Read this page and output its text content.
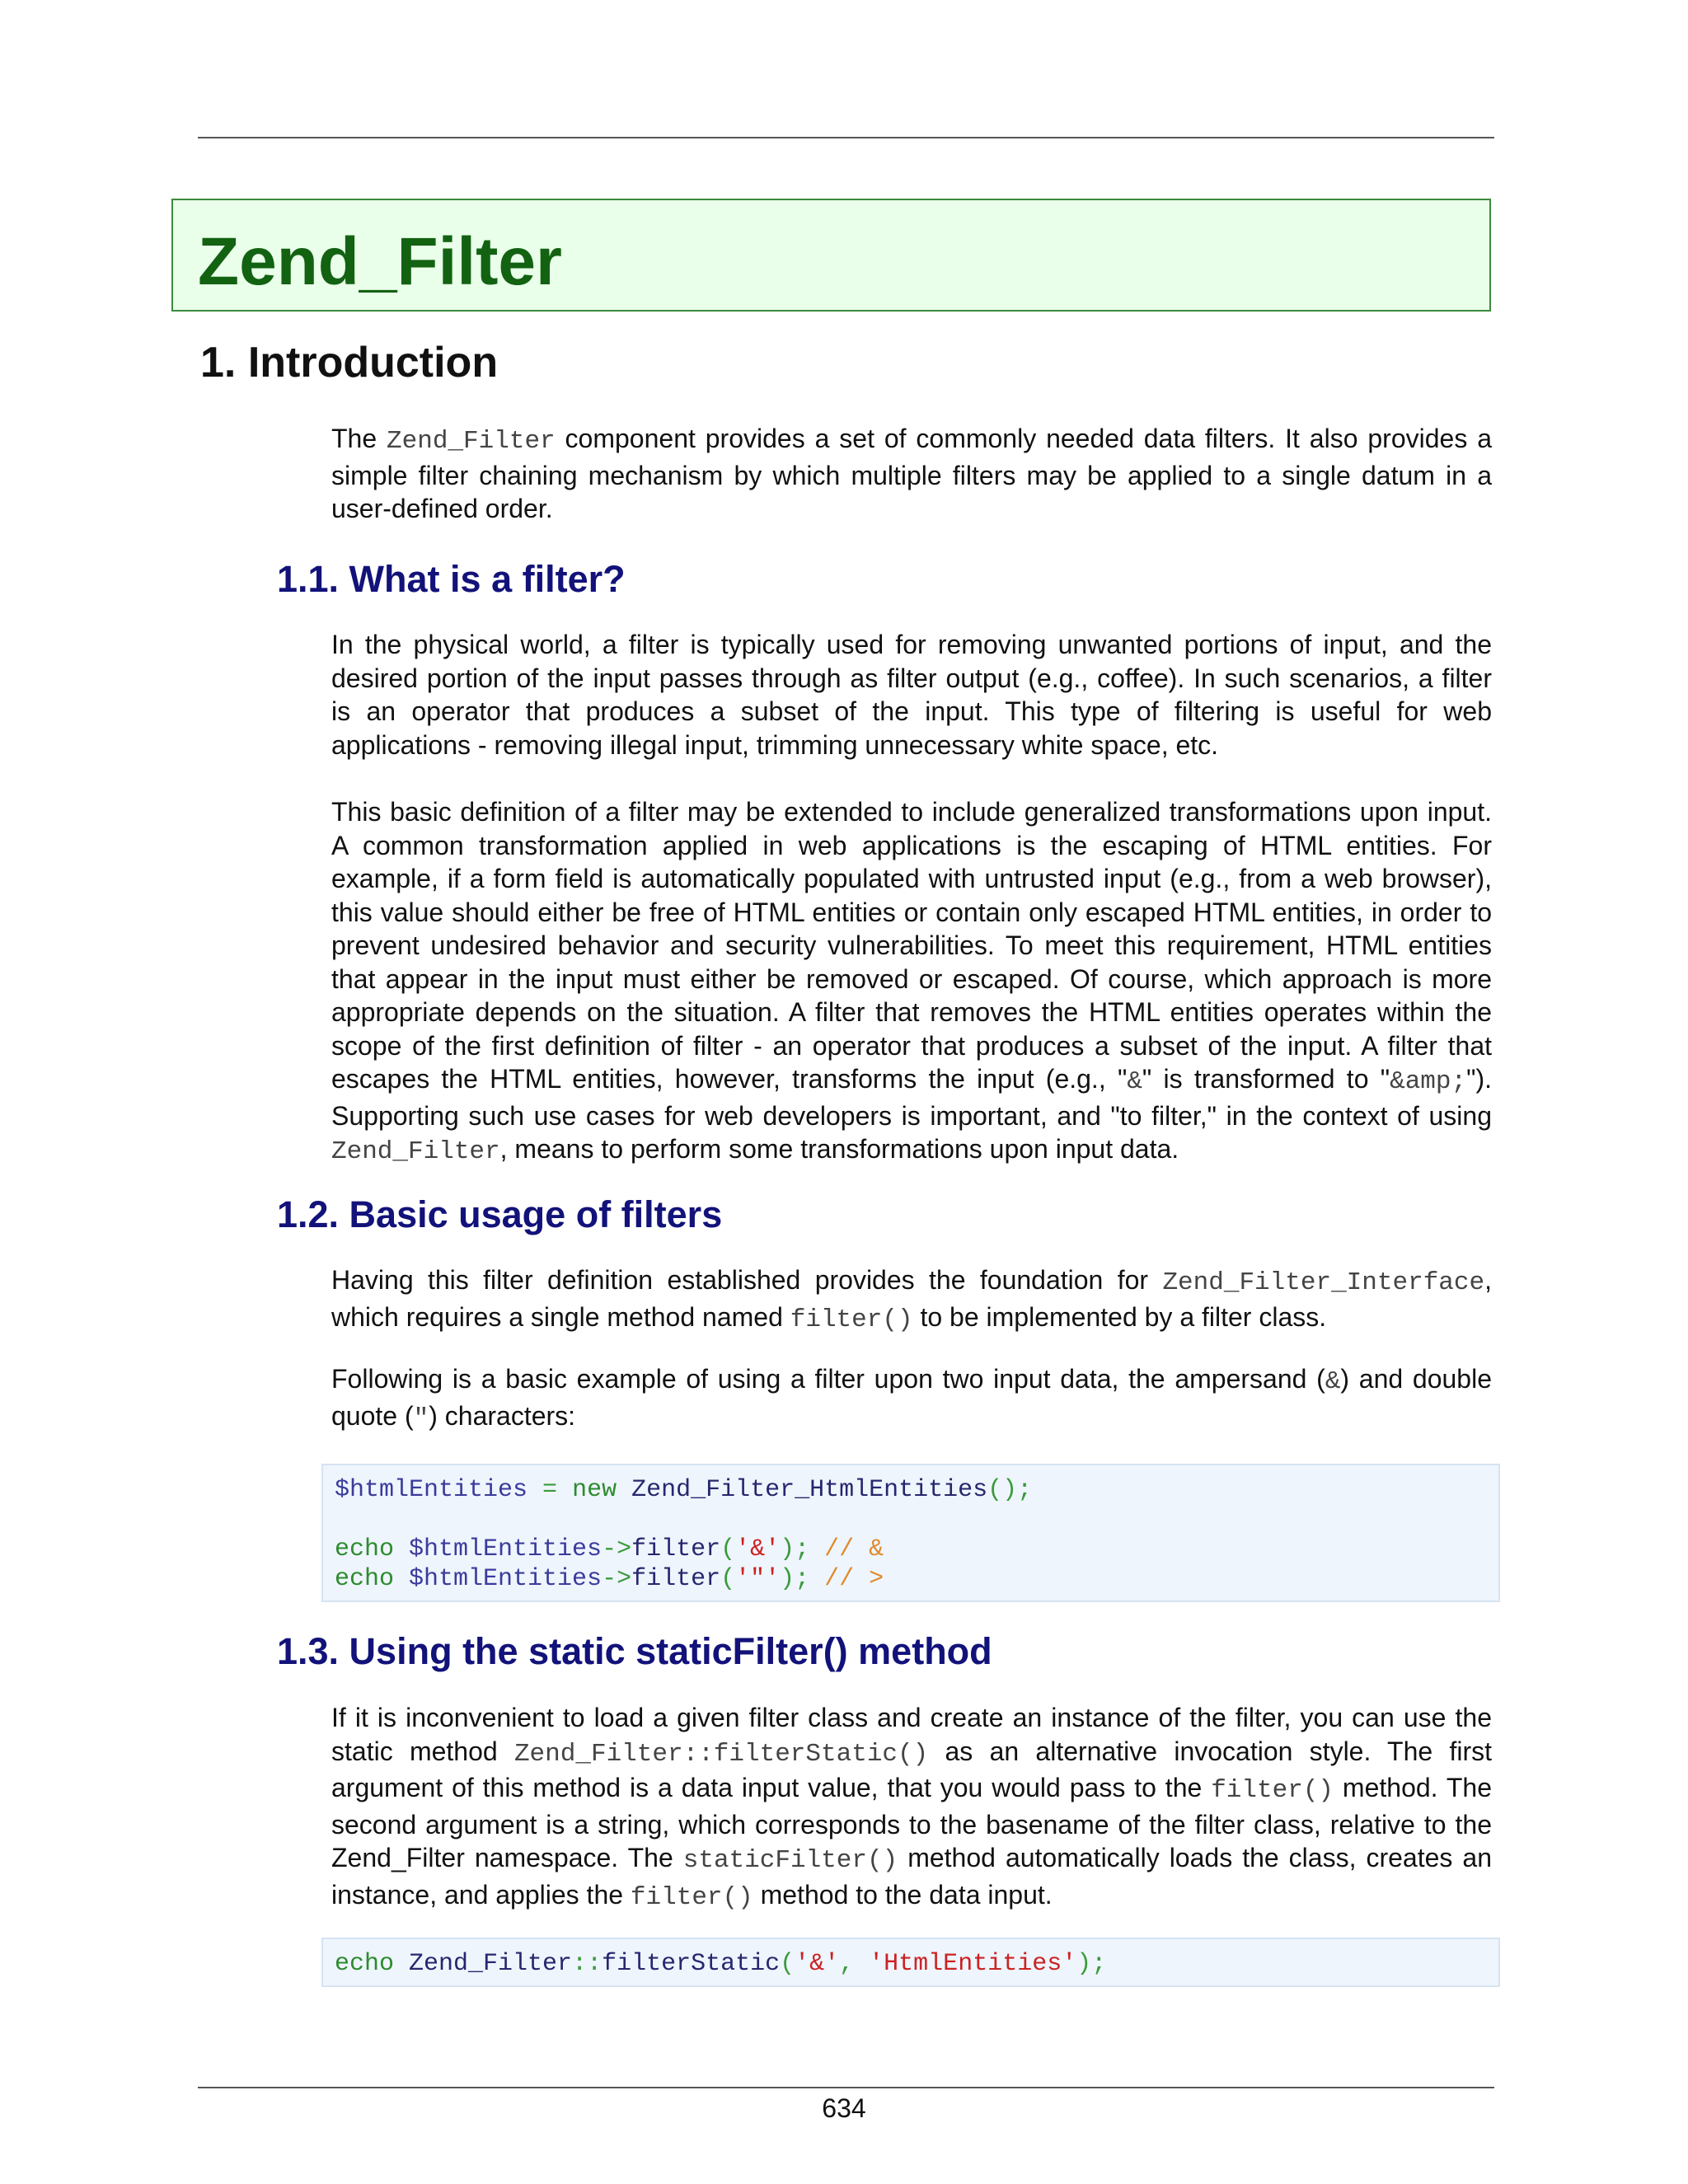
Zend_Filter
1. Introduction

The Zend_Filter component provides a set of commonly needed data filters. It also provides a simple filter chaining mechanism by which multiple filters may be applied to a single datum in a user-defined order.

1.1. What is a filter?

In the physical world, a filter is typically used for removing unwanted portions of input, and the desired portion of the input passes through as filter output (e.g., coffee). In such scenarios, a filter is an operator that produces a subset of the input. This type of filtering is useful for web applications - removing illegal input, trimming unnecessary white space, etc.

This basic definition of a filter may be extended to include generalized transformations upon input. A common transformation applied in web applications is the escaping of HTML entities. For example, if a form field is automatically populated with untrusted input (e.g., from a web browser), this value should either be free of HTML entities or contain only escaped HTML entities, in order to prevent undesired behavior and security vulnerabilities. To meet this requirement, HTML entities that appear in the input must either be removed or escaped. Of course, which approach is more appropriate depends on the situation. A filter that removes the HTML entities operates within the scope of the first definition of filter - an operator that produces a subset of the input. A filter that escapes the HTML entities, however, transforms the input (e.g., "&" is transformed to "&amp;"). Supporting such use cases for web developers is important, and "to filter," in the context of using Zend_Filter, means to perform some transformations upon input data.

1.2. Basic usage of filters

Having this filter definition established provides the foundation for Zend_Filter_Interface, which requires a single method named filter() to be implemented by a filter class.

Following is a basic example of using a filter upon two input data, the ampersand (&) and double quote (") characters:

$htmlEntities = new Zend_Filter_HtmlEntities();

echo $htmlEntities->filter('&'); // &
echo $htmlEntities->filter('"'); // >
1.3. Using the static staticFilter() method

If it is inconvenient to load a given filter class and create an instance of the filter, you can use the static method Zend_Filter::filterStatic() as an alternative invocation style. The first argument of this method is a data input value, that you would pass to the filter() method. The second argument is a string, which corresponds to the basename of the filter class, relative to the Zend_Filter namespace. The staticFilter() method automatically loads the class, creates an instance, and applies the filter() method to the data input.

echo Zend_Filter::filterStatic('&', 'HtmlEntities');
634
